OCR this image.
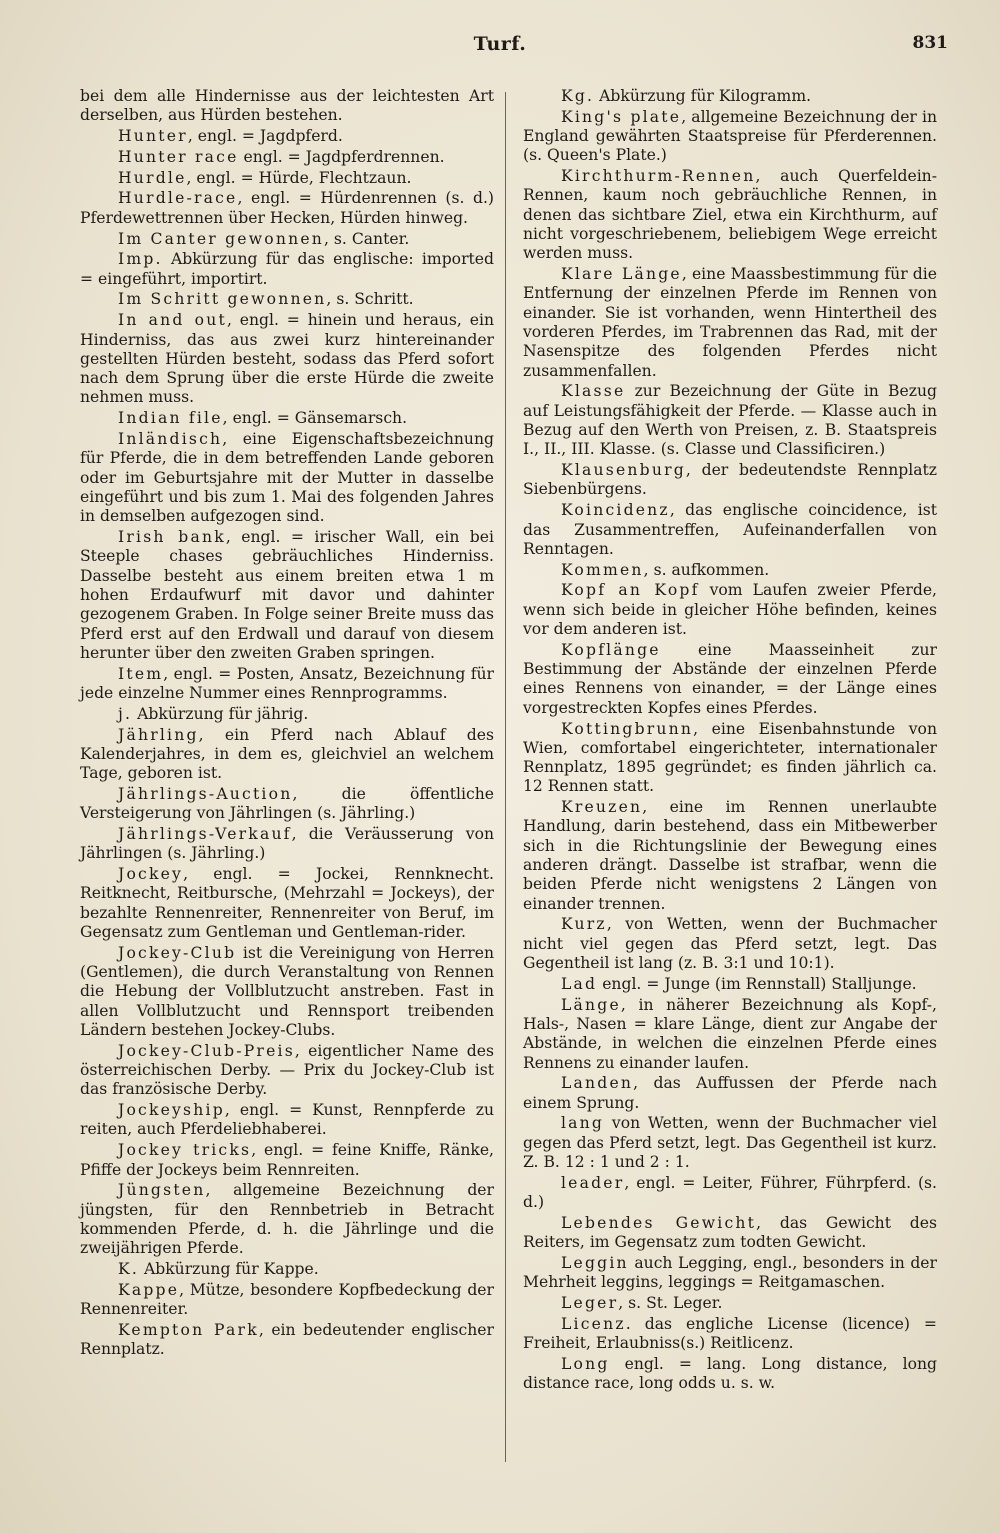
Turf.	831

bei dem alle Hindernisse aus der leichtesten Art derselben, aus Hürden bestehen.

Hunter, engl. = Jagdpferd.

Hunter race engl. = Jagdpferdrennen.

Hurdle, engl. = Hürde, Flechtzaun.

Hurdle-race, engl. = Hürdenrennen (s. d.) Pferdewettrennen über Hecken, Hürden hinweg.

Im Canter gewonnen, s. Canter.

Imp. Abkürzung für das englische: imported = eingeführt, importirt.

Im Schritt gewonnen, s. Schritt.

In and out, engl. = hinein und heraus, ein Hinderniss, das aus zwei kurz hintereinander gestellten Hürden besteht, sodass das Pferd sofort nach dem Sprung über die erste Hürde die zweite nehmen muss.

Indian file, engl. = Gänsemarsch.

Inländisch, eine Eigenschaftsbezeichnung für Pferde, die in dem betreffenden Lande geboren oder im Geburtsjahre mit der Mutter in dasselbe eingeführt und bis zum 1. Mai des folgenden Jahres in demselben aufgezogen sind.

Irish bank, engl. = irischer Wall, ein bei Steeple chases gebräuchliches Hinderniss. Dasselbe besteht aus einem breiten etwa 1 m hohen Erdaufwurf mit davor und dahinter gezogenem Graben. In Folge seiner Breite muss das Pferd erst auf den Erdwall und darauf von diesem herunter über den zweiten Graben springen.

Item, engl. = Posten, Ansatz, Bezeichnung für jede einzelne Nummer eines Rennprogramms.

j. Abkürzung für jährig.

Jährling, ein Pferd nach Ablauf des Kalenderjahres, in dem es, gleichviel an welchem Tage, geboren ist.

Jährlings-Auction, die öffentliche Versteigerung von Jährlingen (s. Jährling.)

Jährlings-Verkauf, die Veräusserung von Jährlingen (s. Jährling.)

Jockey, engl. = Jockei, Rennknecht. Reitknecht, Reitbursche, (Mehrzahl = Jockeys), der bezahlte Rennenreiter, Rennenreiter von Beruf, im Gegensatz zum Gentleman und Gentleman-rider.

Jockey-Club ist die Vereinigung von Herren (Gentlemen), die durch Veranstaltung von Rennen die Hebung der Vollblutzucht anstreben. Fast in allen Vollblutzucht und Rennsport treibenden Ländern bestehen Jockey-Clubs.

Jockey-Club-Preis, eigentlicher Name des österreichischen Derby. — Prix du Jockey-Club ist das französische Derby.

Jockeyship, engl. = Kunst, Rennpferde zu reiten, auch Pferdeliebhaberei.

Jockey tricks, engl. = feine Kniffe, Ränke, Pfiffe der Jockeys beim Rennreiten.

Jüngsten, allgemeine Bezeichnung der jüngsten, für den Rennbetrieb in Betracht kommenden Pferde, d. h. die Jährlinge und die zweijährigen Pferde.

K. Abkürzung für Kappe.

Kappe, Mütze, besondere Kopfbedeckung der Rennenreiter.

Kempton Park, ein bedeutender englischer Rennplatz.

Kg. Abkürzung für Kilogramm.

King's plate, allgemeine Bezeichnung der in England gewährten Staatspreise für Pferderennen. (s. Queen's Plate.)

Kirchthurm-Rennen, auch Querfeldein-Rennen, kaum noch gebräuchliche Rennen, in denen das sichtbare Ziel, etwa ein Kirchthurm, auf nicht vorgeschriebenem, beliebigem Wege erreicht werden muss.

Klare Länge, eine Maassbestimmung für die Entfernung der einzelnen Pferde im Rennen von einander. Sie ist vorhanden, wenn Hintertheil des vorderen Pferdes, im Trabrennen das Rad, mit der Nasenspitze des folgenden Pferdes nicht zusammenfallen.

Klasse zur Bezeichnung der Güte in Bezug auf Leistungsfähigkeit der Pferde. — Klasse auch in Bezug auf den Werth von Preisen, z. B. Staatspreis I., II., III. Klasse. (s. Classe und Classificiren.)

Klausenburg, der bedeutendste Rennplatz Siebenbürgens.

Koincidenz, das englische coincidence, ist das Zusammentreffen, Aufeinanderfallen von Renntagen.

Kommen, s. aufkommen.

Kopf an Kopf vom Laufen zweier Pferde, wenn sich beide in gleicher Höhe befinden, keines vor dem anderen ist.

Kopflänge eine Maasseinheit zur Bestimmung der Abstände der einzelnen Pferde eines Rennens von einander, = der Länge eines vorgestreckten Kopfes eines Pferdes.

Kottingbrunn, eine Eisenbahnstunde von Wien, comfortabel eingerichteter, internationaler Rennplatz, 1895 gegründet; es finden jährlich ca. 12 Rennen statt.

Kreuzen, eine im Rennen unerlaubte Handlung, darin bestehend, dass ein Mitbewerber sich in die Richtungslinie der Bewegung eines anderen drängt. Dasselbe ist strafbar, wenn die beiden Pferde nicht wenigstens 2 Längen von einander trennen.

Kurz, von Wetten, wenn der Buchmacher nicht viel gegen das Pferd setzt, legt. Das Gegentheil ist lang (z. B. 3:1 und 10:1).

Lad engl. = Junge (im Rennstall) Stalljunge.

Länge, in näherer Bezeichnung als Kopf-, Hals-, Nasen = klare Länge, dient zur Angabe der Abstände, in welchen die einzelnen Pferde eines Rennens zu einander laufen.

Landen, das Auffussen der Pferde nach einem Sprung.

lang von Wetten, wenn der Buchmacher viel gegen das Pferd setzt, legt. Das Gegentheil ist kurz. Z. B. 12 : 1 und 2 : 1.

leader, engl. = Leiter, Führer, Führpferd. (s. d.)

Lebendes Gewicht, das Gewicht des Reiters, im Gegensatz zum todten Gewicht.

Leggin auch Legging, engl., besonders in der Mehrheit leggins, leggings = Reitgamaschen.

Leger, s. St. Leger.

Licenz. das engliche License (licence) = Freiheit, Erlaubniss(s.) Reitlicenz.

Long engl. = lang. Long distance, long distance race, long odds u. s. w.
